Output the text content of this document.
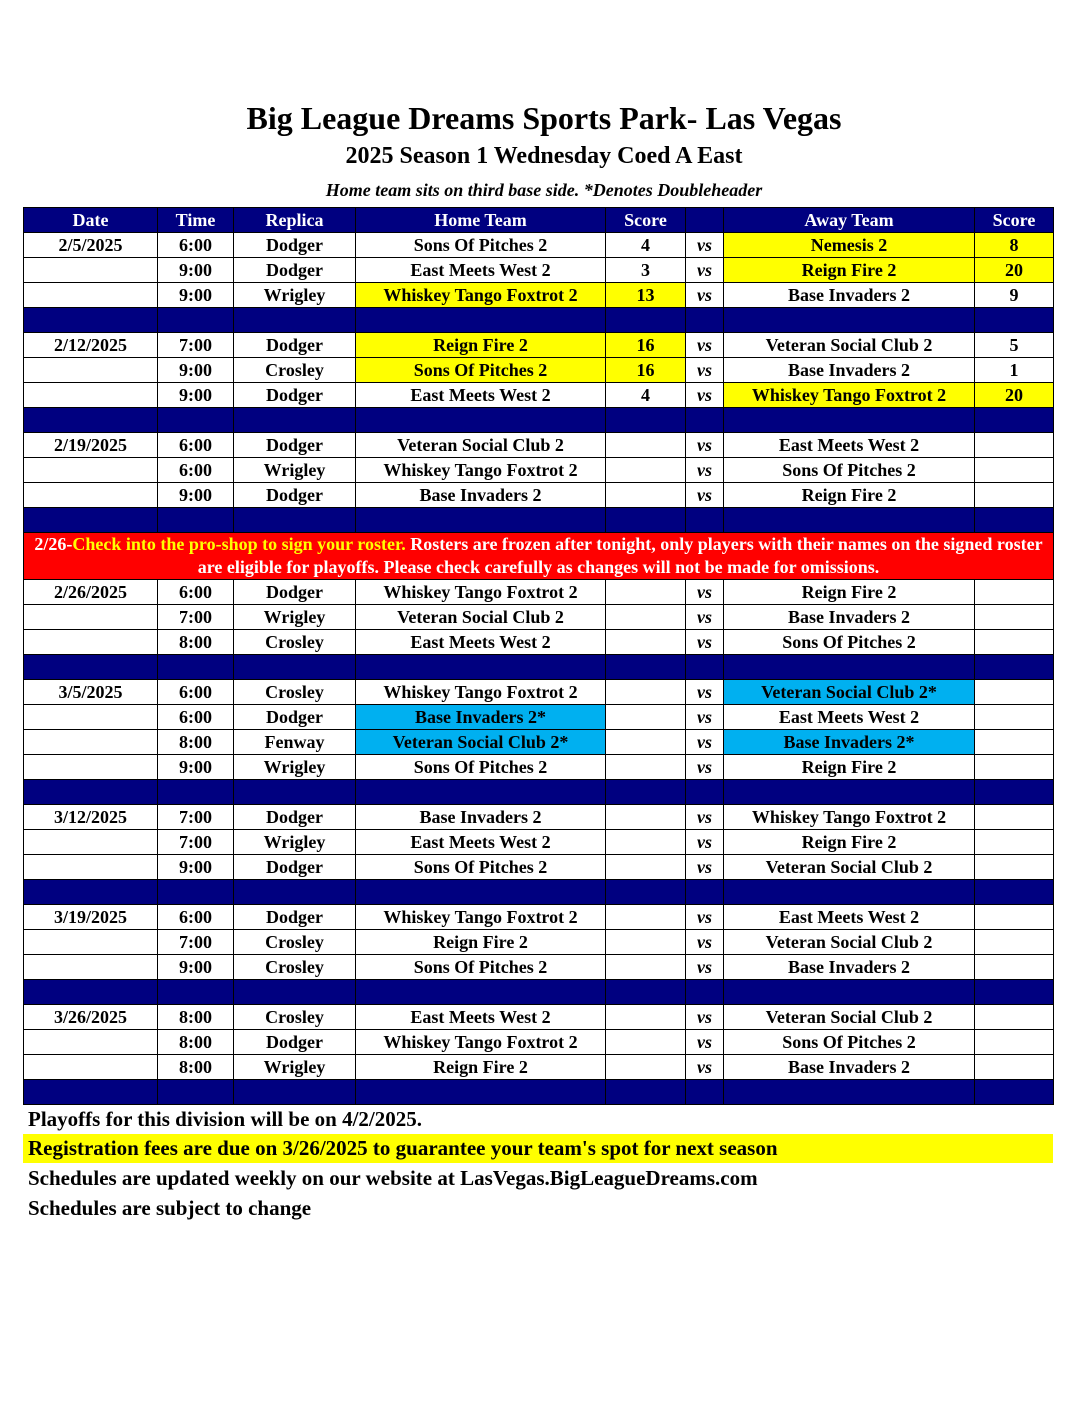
Big League Dreams Sports Park- Las Vegas
2025 Season 1 Wednesday Coed A East
Home team sits on third base side. *Denotes Doubleheader
Date	Time	Replica	Home Team	Score		Away Team	Score
2/5/2025	6:00	Dodger	Sons Of Pitches 2	4	vs	Nemesis 2	8
	9:00	Dodger	East Meets West 2	3	vs	Reign Fire 2	20
	9:00	Wrigley	Whiskey Tango Foxtrot 2	13	vs	Base Invaders 2	9

2/12/2025	7:00	Dodger	Reign Fire 2	16	vs	Veteran Social Club 2	5
	9:00	Crosley	Sons Of Pitches 2	16	vs	Base Invaders 2	1
	9:00	Dodger	East Meets West 2	4	vs	Whiskey Tango Foxtrot 2	20

2/19/2025	6:00	Dodger	Veteran Social Club 2		vs	East Meets West 2	
	6:00	Wrigley	Whiskey Tango Foxtrot 2		vs	Sons Of Pitches 2	
	9:00	Dodger	Base Invaders 2		vs	Reign Fire 2	

2/26-Check into the pro-shop to sign your roster. Rosters are frozen after tonight, only players with their names on the signed roster are eligible for playoffs. Please check carefully as changes will not be made for omissions.							
2/26/2025	6:00	Dodger	Whiskey Tango Foxtrot 2		vs	Reign Fire 2	
	7:00	Wrigley	Veteran Social Club 2		vs	Base Invaders 2	
	8:00	Crosley	East Meets West 2		vs	Sons Of Pitches 2	

3/5/2025	6:00	Crosley	Whiskey Tango Foxtrot 2		vs	Veteran Social Club 2*	
	6:00	Dodger	Base Invaders 2*		vs	East Meets West 2	
	8:00	Fenway	Veteran Social Club 2*		vs	Base Invaders 2*	
	9:00	Wrigley	Sons Of Pitches 2		vs	Reign Fire 2	

3/12/2025	7:00	Dodger	Base Invaders 2		vs	Whiskey Tango Foxtrot 2	
	7:00	Wrigley	East Meets West 2		vs	Reign Fire 2	
	9:00	Dodger	Sons Of Pitches 2		vs	Veteran Social Club 2	

3/19/2025	6:00	Dodger	Whiskey Tango Foxtrot 2		vs	East Meets West 2	
	7:00	Crosley	Reign Fire 2		vs	Veteran Social Club 2	
	9:00	Crosley	Sons Of Pitches 2		vs	Base Invaders 2	

3/26/2025	8:00	Crosley	East Meets West 2		vs	Veteran Social Club 2	
	8:00	Dodger	Whiskey Tango Foxtrot 2		vs	Sons Of Pitches 2	
	8:00	Wrigley	Reign Fire 2		vs	Base Invaders 2	

Playoffs for this division will be on 4/2/2025.
Registration fees are due on 3/26/2025 to guarantee your team's spot for next season
Schedules are updated weekly on our website at LasVegas.BigLeagueDreams.com
Schedules are subject to change
